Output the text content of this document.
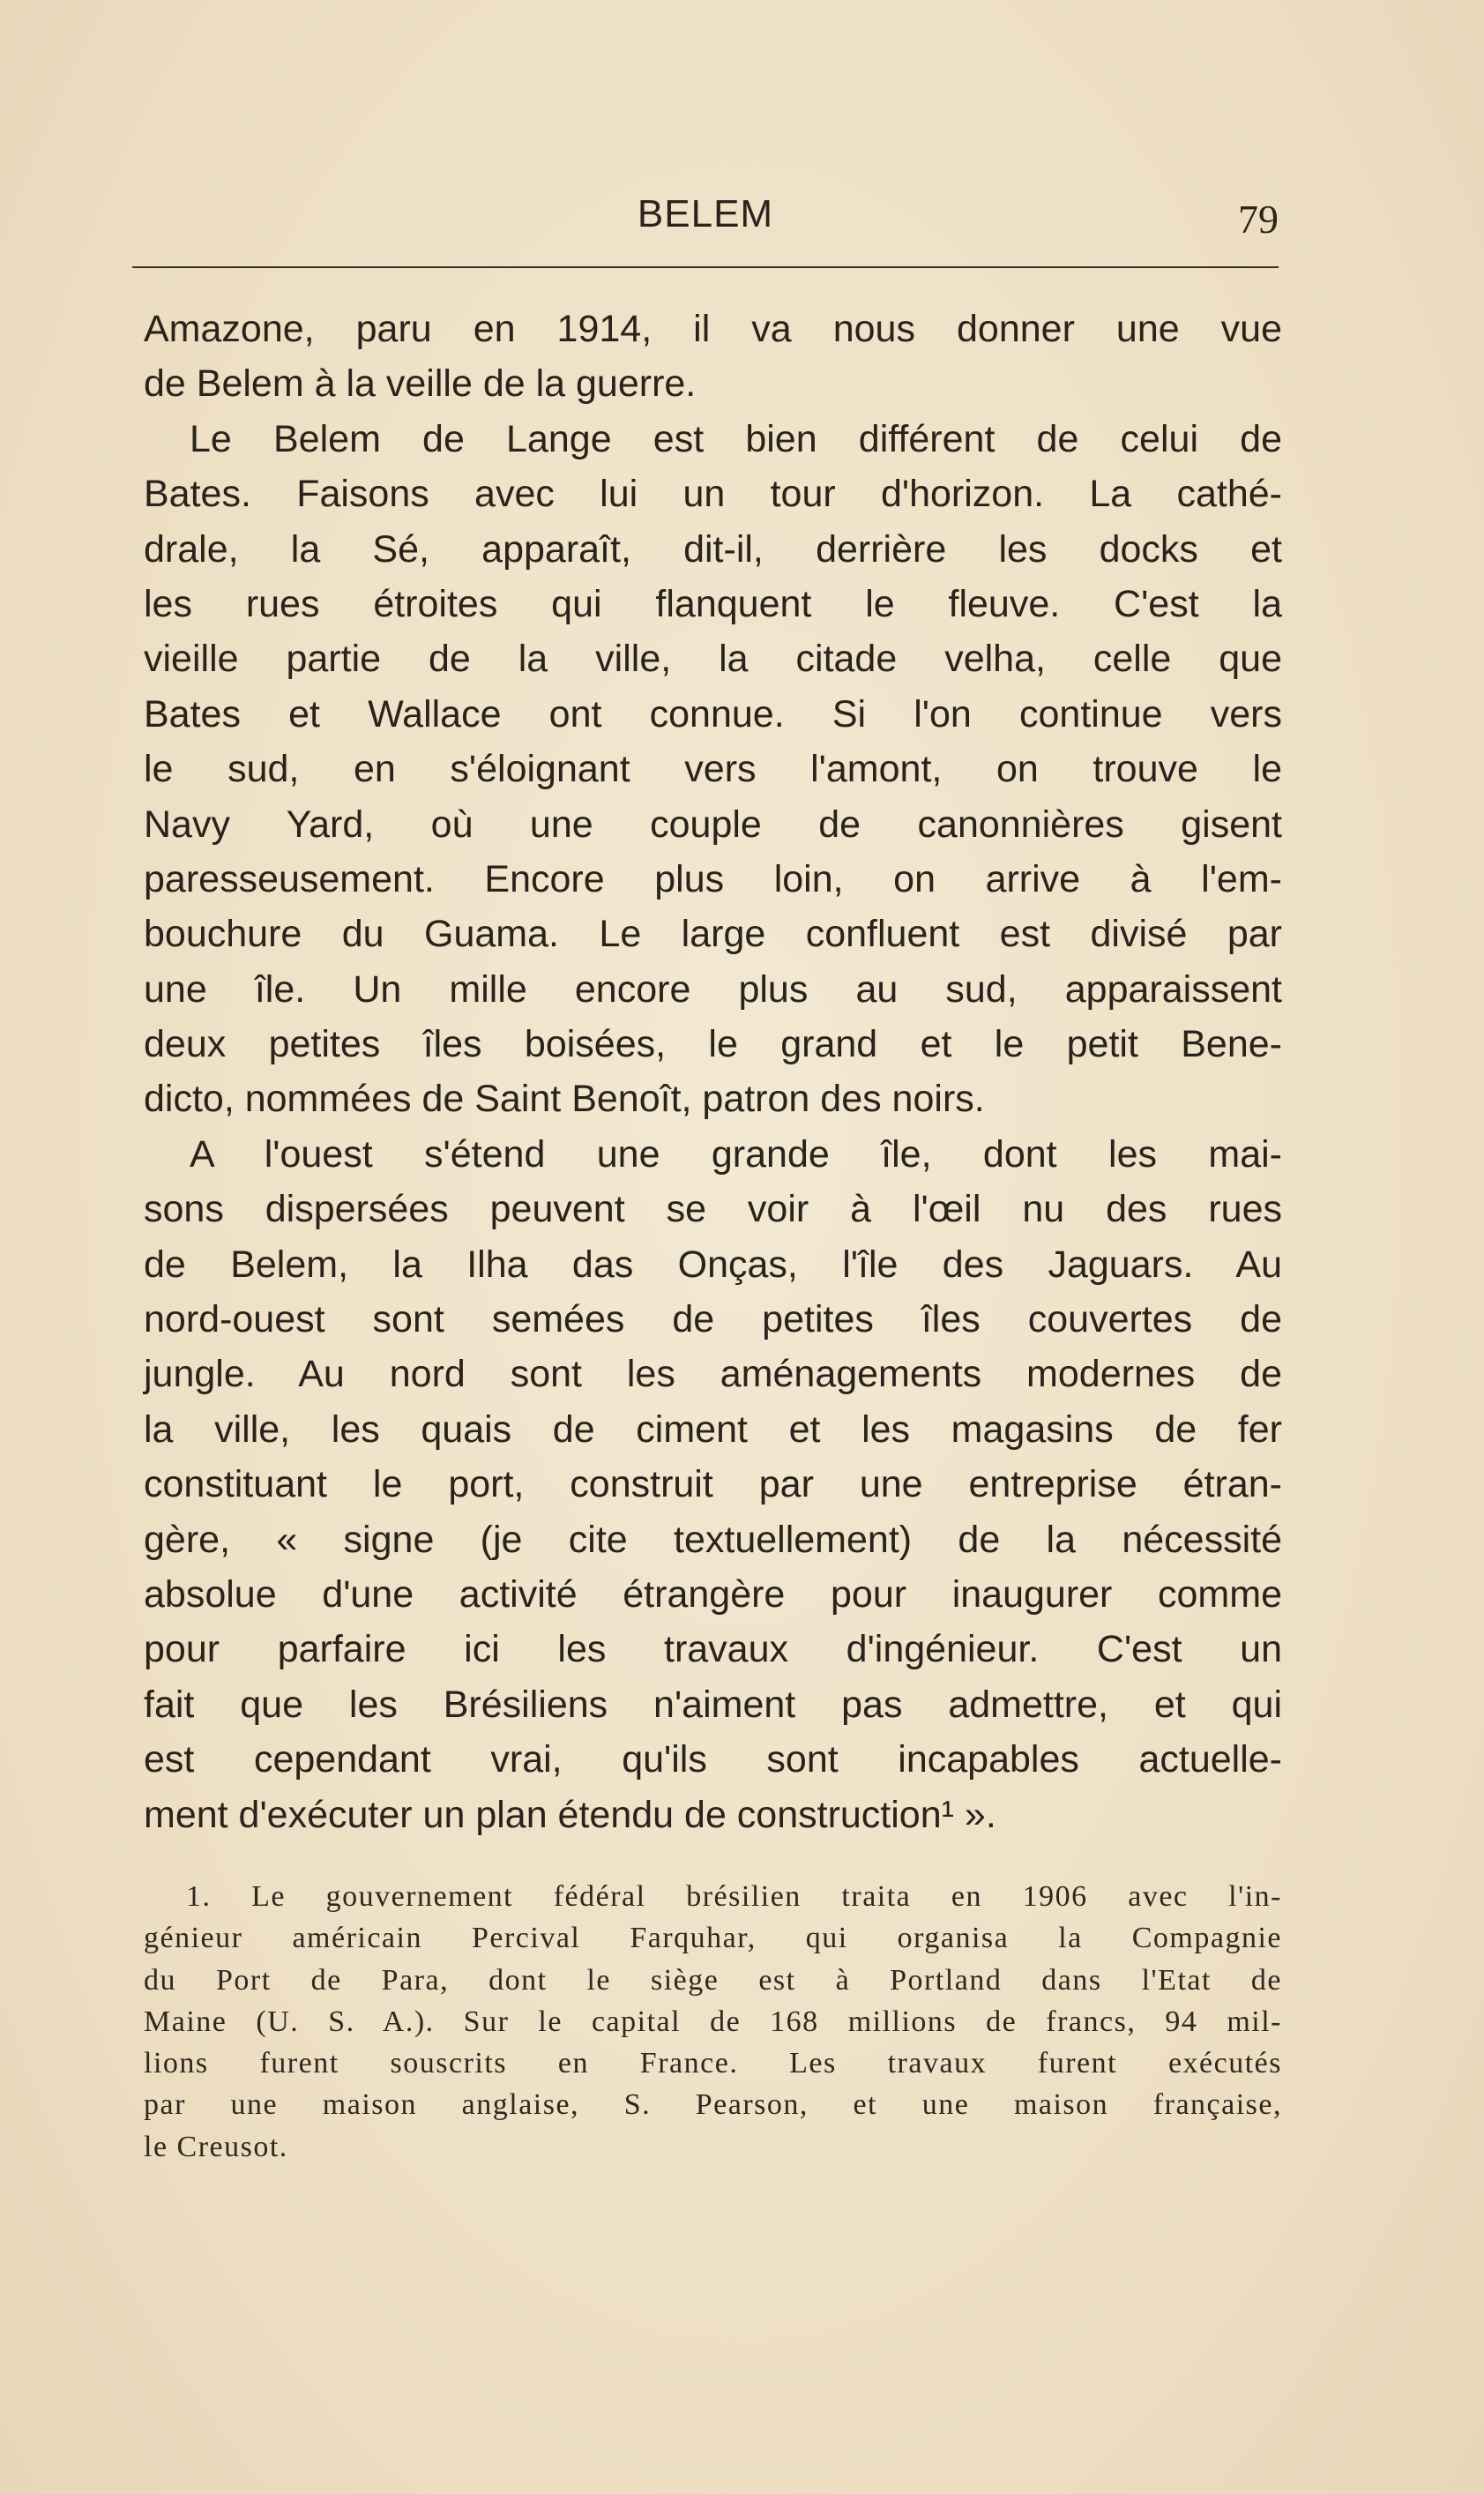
BELEM	79
Amazone, paru en 1914, il va nous donner une vue
de Belem à la veille de la guerre.
Le Belem de Lange est bien différent de celui de
Bates. Faisons avec lui un tour d'horizon. La cathé-
drale, la Sé, apparaît, dit-il, derrière les docks et
les rues étroites qui flanquent le fleuve. C'est la
vieille partie de la ville, la citade velha, celle que
Bates et Wallace ont connue. Si l'on continue vers
le sud, en s'éloignant vers l'amont, on trouve le
Navy Yard, où une couple de canonnières gisent
paresseusement. Encore plus loin, on arrive à l'em-
bouchure du Guama. Le large confluent est divisé par
une île. Un mille encore plus au sud, apparaissent
deux petites îles boisées, le grand et le petit Bene-
dicto, nommées de Saint Benoît, patron des noirs.
A l'ouest s'étend une grande île, dont les mai-
sons dispersées peuvent se voir à l'œil nu des rues
de Belem, la Ilha das Onças, l'île des Jaguars. Au
nord-ouest sont semées de petites îles couvertes de
jungle. Au nord sont les aménagements modernes de
la ville, les quais de ciment et les magasins de fer
constituant le port, construit par une entreprise étran-
gère, « signe (je cite textuellement) de la nécessité
absolue d'une activité étrangère pour inaugurer comme
pour parfaire ici les travaux d'ingénieur. C'est un
fait que les Brésiliens n'aiment pas admettre, et qui
est cependant vrai, qu'ils sont incapables actuelle-
ment d'exécuter un plan étendu de construction¹ ».
1. Le gouvernement fédéral brésilien traita en 1906 avec l'in-
génieur américain Percival Farquhar, qui organisa la Compagnie
du Port de Para, dont le siège est à Portland dans l'Etat de
Maine (U. S. A.). Sur le capital de 168 millions de francs, 94 mil-
lions furent souscrits en France. Les travaux furent exécutés
par une maison anglaise, S. Pearson, et une maison française,
le Creusot.
